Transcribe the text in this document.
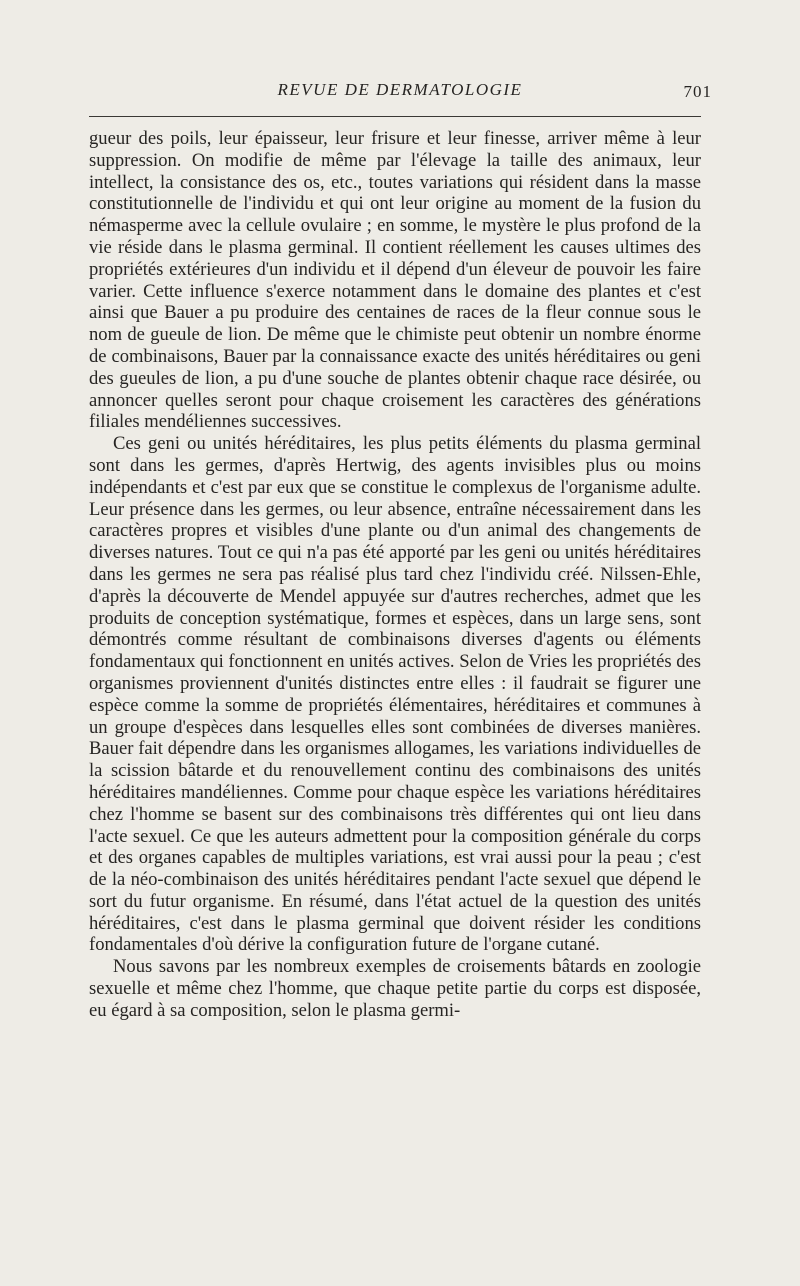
REVUE DE DERMATOLOGIE	701

gueur des poils, leur épaisseur, leur frisure et leur finesse, arriver même à leur suppression. On modifie de même par l'élevage la taille des animaux, leur intellect, la consistance des os, etc., toutes variations qui résident dans la masse constitutionnelle de l'individu et qui ont leur origine au moment de la fusion du némasperme avec la cellule ovulaire ; en somme, le mystère le plus profond de la vie réside dans le plasma germinal. Il contient réellement les causes ultimes des propriétés extérieures d'un individu et il dépend d'un éleveur de pouvoir les faire varier. Cette influence s'exerce notamment dans le domaine des plantes et c'est ainsi que Bauer a pu produire des centaines de races de la fleur connue sous le nom de gueule de lion. De même que le chimiste peut obtenir un nombre énorme de combinaisons, Bauer par la connaissance exacte des unités héréditaires ou geni des gueules de lion, a pu d'une souche de plantes obtenir chaque race désirée, ou annoncer quelles seront pour chaque croisement les caractères des générations filiales mendéliennes successives.

Ces geni ou unités héréditaires, les plus petits éléments du plasma germinal sont dans les germes, d'après Hertwig, des agents invisibles plus ou moins indépendants et c'est par eux que se constitue le complexus de l'organisme adulte. Leur présence dans les germes, ou leur absence, entraîne nécessairement dans les caractères propres et visibles d'une plante ou d'un animal des changements de diverses natures. Tout ce qui n'a pas été apporté par les geni ou unités héréditaires dans les germes ne sera pas réalisé plus tard chez l'individu créé. Nilssen-Ehle, d'après la découverte de Mendel appuyée sur d'autres recherches, admet que les produits de conception systématique, formes et espèces, dans un large sens, sont démontrés comme résultant de combinaisons diverses d'agents ou éléments fondamentaux qui fonctionnent en unités actives. Selon de Vries les propriétés des organismes proviennent d'unités distinctes entre elles : il faudrait se figurer une espèce comme la somme de propriétés élémentaires, héréditaires et communes à un groupe d'espèces dans lesquelles elles sont combinées de diverses manières. Bauer fait dépendre dans les organismes allogames, les variations individuelles de la scission bâtarde et du renouvellement continu des combinaisons des unités héréditaires mandéliennes. Comme pour chaque espèce les variations héréditaires chez l'homme se basent sur des combinaisons très différentes qui ont lieu dans l'acte sexuel. Ce que les auteurs admettent pour la composition générale du corps et des organes capables de multiples variations, est vrai aussi pour la peau ; c'est de la néo-combinaison des unités héréditaires pendant l'acte sexuel que dépend le sort du futur organisme. En résumé, dans l'état actuel de la question des unités héréditaires, c'est dans le plasma germinal que doivent résider les conditions fondamentales d'où dérive la configuration future de l'organe cutané.

Nous savons par les nombreux exemples de croisements bâtards en zoologie sexuelle et même chez l'homme, que chaque petite partie du corps est disposée, eu égard à sa composition, selon le plasma germi-
